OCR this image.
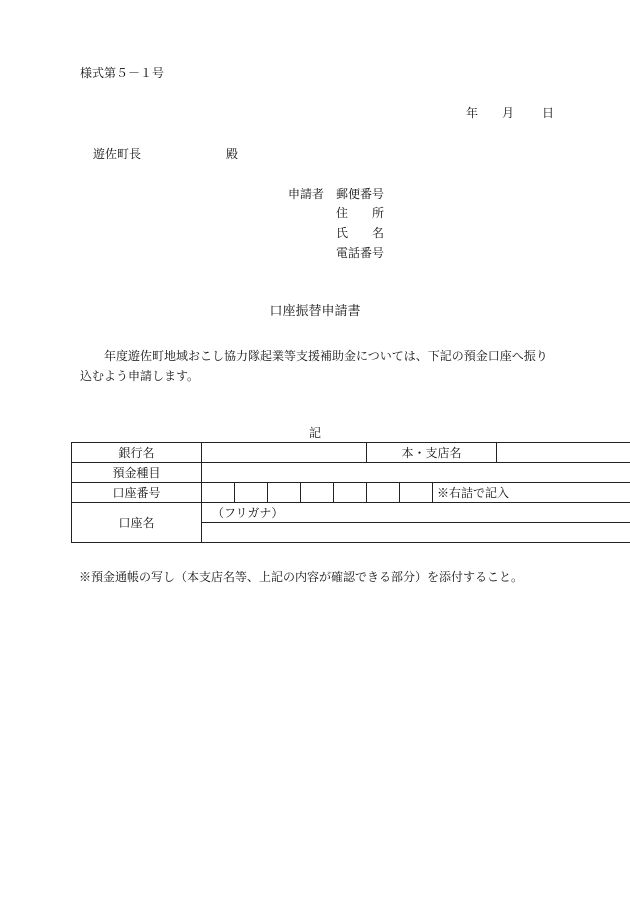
様式第５－１号
年 月 日
遊佐町長	殿
申請者 郵便番号
住　　所
氏　　名
電話番号
口座振替申請書
年度遊佐町地域おこし協力隊起業等支援補助金については、下記の預金口座へ振り込むよう申請します。
記
銀行名						本・支店名			
預金種目									
口座番号								※右詰で記入	
口座名	（フリガナ）								

※預金通帳の写し（本支店名等、上記の内容が確認できる部分）を添付すること。
